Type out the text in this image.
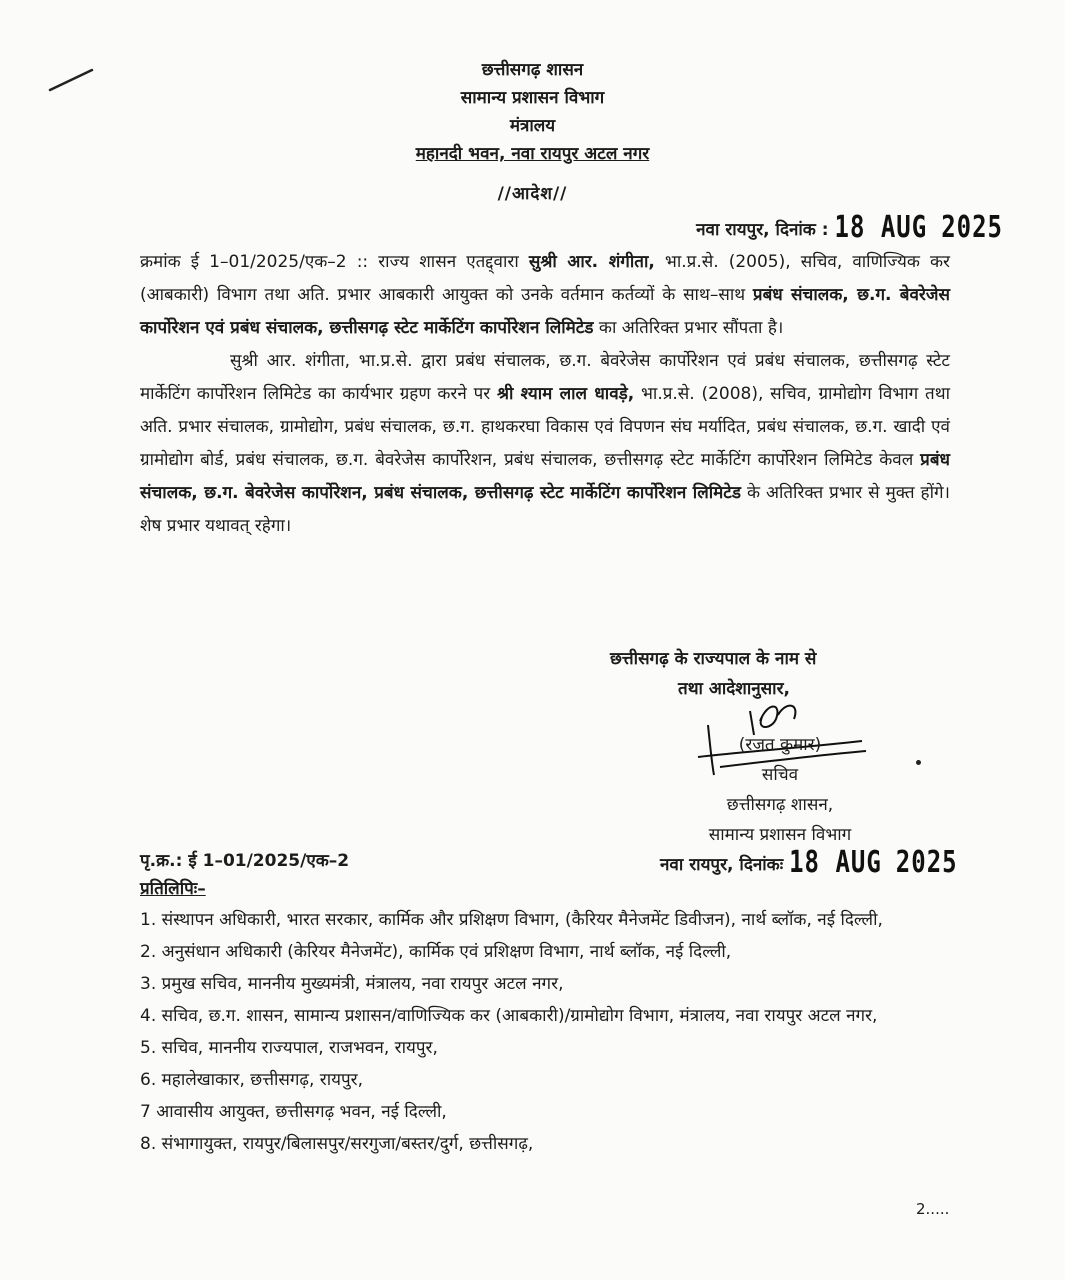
छत्तीसगढ़ शासन
सामान्य प्रशासन विभाग
मंत्रालय
महानदी भवन, नवा रायपुर अटल नगर
//आदेश//
नवा रायपुर, दिनांक : 18 AUG 2025

क्रमांक ई 1–01/2025/एक–2 :: राज्य शासन एतद्द्वारा सुश्री आर. शंगीता, भा.प्र.से. (2005), सचिव, वाणिज्यिक कर (आबकारी) विभाग तथा अति. प्रभार आबकारी आयुक्त को उनके वर्तमान कर्तव्यों के साथ–साथ प्रबंध संचालक, छ.ग. बेवरेजेस कार्पोरेशन एवं प्रबंध संचालक, छत्तीसगढ़ स्टेट मार्केटिंग कार्पोरेशन लिमिटेड का अतिरिक्त प्रभार सौंपता है।

सुश्री आर. शंगीता, भा.प्र.से. द्वारा प्रबंध संचालक, छ.ग. बेवरेजेस कार्पोरेशन एवं प्रबंध संचालक, छत्तीसगढ़ स्टेट मार्केटिंग कार्पोरेशन लिमिटेड का कार्यभार ग्रहण करने पर श्री श्याम लाल धावड़े, भा.प्र.से. (2008), सचिव, ग्रामोद्योग विभाग तथा अति. प्रभार संचालक, ग्रामोद्योग, प्रबंध संचालक, छ.ग. हाथकरघा विकास एवं विपणन संघ मर्यादित, प्रबंध संचालक, छ.ग. खादी एवं ग्रामोद्योग बोर्ड, प्रबंध संचालक, छ.ग. बेवरेजेस कार्पोरेशन, प्रबंध संचालक, छत्तीसगढ़ स्टेट मार्केटिंग कार्पोरेशन लिमिटेड केवल प्रबंध संचालक, छ.ग. बेवरेजेस कार्पोरेशन, प्रबंध संचालक, छत्तीसगढ़ स्टेट मार्केटिंग कार्पोरेशन लिमिटेड के अतिरिक्त प्रभार से मुक्त होंगे।शेष प्रभार यथावत् रहेगा।

छत्तीसगढ़ के राज्यपाल के नाम से
तथा आदेशानुसार,
(रजत कुमार)
सचिव
छत्तीसगढ़ शासन,
सामान्य प्रशासन विभाग
पृ.क्र.: ई 1–01/2025/एक–2	नवा रायपुर, दिनांकः 18 AUG 2025
प्रतिलिपिः–
1. संस्थापन अधिकारी, भारत सरकार, कार्मिक और प्रशिक्षण विभाग, (कैरियर मैनेजमेंट डिवीजन), नार्थ ब्लॉक, नई दिल्ली,
2. अनुसंधान अधिकारी (केरियर मैनेजमेंट), कार्मिक एवं प्रशिक्षण विभाग, नार्थ ब्लॉक, नई दिल्ली,
3. प्रमुख सचिव, माननीय मुख्यमंत्री, मंत्रालय, नवा रायपुर अटल नगर,
4. सचिव, छ.ग. शासन, सामान्य प्रशासन/वाणिज्यिक कर (आबकारी)/ग्रामोद्योग विभाग, मंत्रालय, नवा रायपुर अटल नगर,
5. सचिव, माननीय राज्यपाल, राजभवन, रायपुर,
6. महालेखाकार, छत्तीसगढ़, रायपुर,
7 आवासीय आयुक्त, छत्तीसगढ़ भवन, नई दिल्ली,
8. संभागायुक्त, रायपुर/बिलासपुर/सरगुजा/बस्तर/दुर्ग, छत्तीसगढ़,
2.....
